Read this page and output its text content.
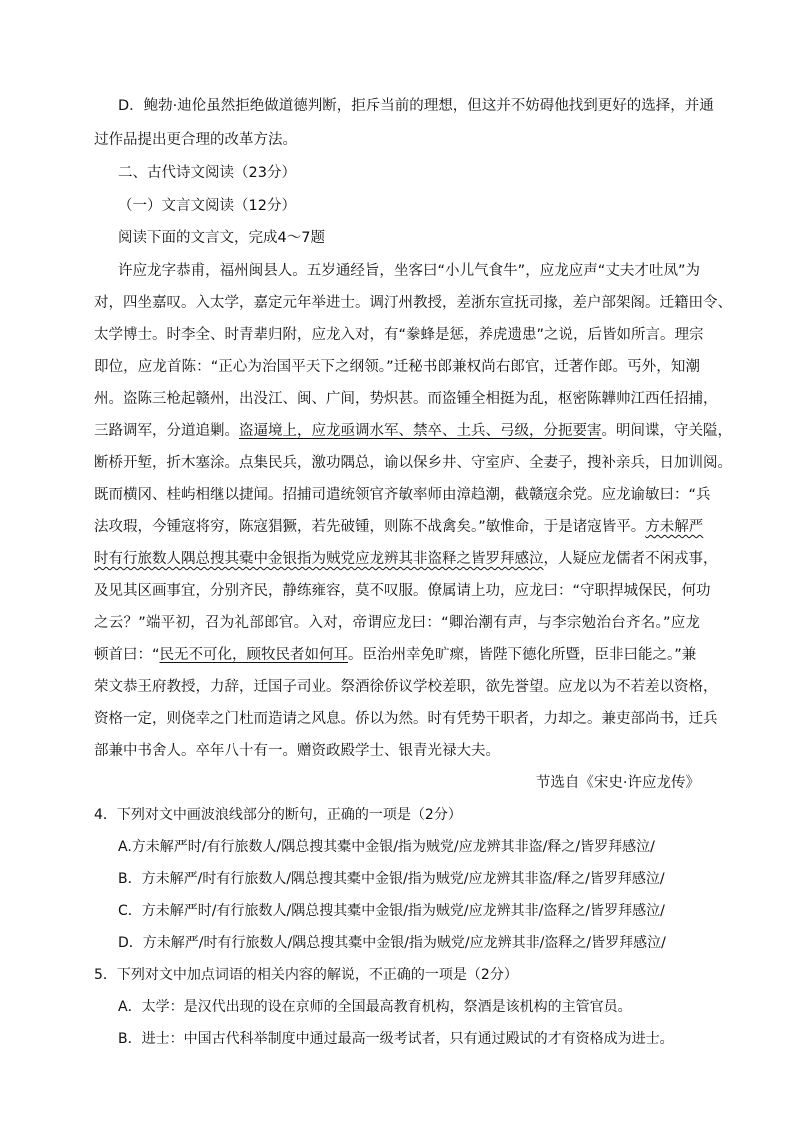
D．鲍勃·迪伦虽然拒绝做道德判断，拒斥当前的理想，但这并不妨碍他找到更好的选择，并通
过作品提出更合理的改革方法。
二、古代诗文阅读（23分）
（一）文言文阅读（12分）
阅读下面的文言文，完成4～7题
许应龙字恭甫，福州闽县人。五岁通经旨，坐客曰“小儿气食牛”，应龙应声“丈夫才吐凤”为
对，四坐嘉叹。入太学，嘉定元年举进士。调汀州教授，差浙东宣抚司掾，差户部架阁。迁籍田令、
太学博士。时李全、时青辈归附，应龙入对，有“豢蜂是惩，养虎遗患”之说，后皆如所言。理宗
即位，应龙首陈：“正心为治国平天下之纲领。”迁秘书郎兼权尚右郎官，迁著作郎。丐外，知潮
州。盗陈三枪起赣州，出没江、闽、广间，势炽甚。而盗锺全相挺为乱，枢密陈韡帅江西任招捕，
三路调军，分道追剿。盗逼境上，应龙亟调水军、禁卒、土兵、弓级，分扼要害。明间谍，守关隘，
断桥开堑，折木塞涂。点集民兵，激功隅总，谕以保乡井、守室庐、全妻子，搜补亲兵，日加训阅。
既而横冈、桂屿相继以捷闻。招捕司遣统领官齐敏率师由漳趋潮，截赣寇余党。应龙谕敏曰：“兵
法攻瑕，今锺寇将穷，陈寇猖獗，若先破锺，则陈不战禽矣。”敏惟命，于是诸寇皆平。方未解严
时有行旅数人隅总搜其橐中金银指为贼党应龙辨其非盗释之皆罗拜感泣，人疑应龙儒者不闲戎事，
及见其区画事宜，分别齐民，静练雍容，莫不叹服。僚属请上功，应龙曰：“守职捍城保民，何功
之云？”端平初，召为礼部郎官。入对，帝谓应龙曰：“卿治潮有声，与李宗勉治台齐名。”应龙
顿首曰：“民无不可化，顾牧民者如何耳。臣治州幸免旷瘝，皆陛下德化所暨，臣非曰能之。”兼
荣文恭王府教授，力辞，迁国子司业。祭酒徐侨议学校差职，欲先誉望。应龙以为不若差以资格，
资格一定，则侥幸之门杜而造请之风息。侨以为然。时有凭势干职者，力却之。兼吏部尚书，迁兵
部兼中书舍人。卒年八十有一。赠资政殿学士、银青光禄大夫。
节选自《宋史·许应龙传》
4．下列对文中画波浪线部分的断句，正确的一项是（2分）
A.方未解严时/有行旅数人/隅总搜其橐中金银/指为贼党/应龙辨其非盗/释之/皆罗拜感泣/
B．方未解严/时有行旅数人/隅总搜其橐中金银/指为贼党/应龙辨其非盗/释之/皆罗拜感泣/
C．方未解严时/有行旅数人/隅总搜其橐中金银/指为贼党/应龙辨其非/盗释之/皆罗拜感泣/
D．方未解严/时有行旅数人/隅总搜其橐中金银/指为贼党/应龙辨其非/盗释之/皆罗拜感泣/
5．下列对文中加点词语的相关内容的解说，不正确的一项是（2分）
A．太学：是汉代出现的设在京师的全国最高教育机构，祭酒是该机构的主管官员。
B．进士：中国古代科举制度中通过最高一级考试者，只有通过殿试的才有资格成为进士。
